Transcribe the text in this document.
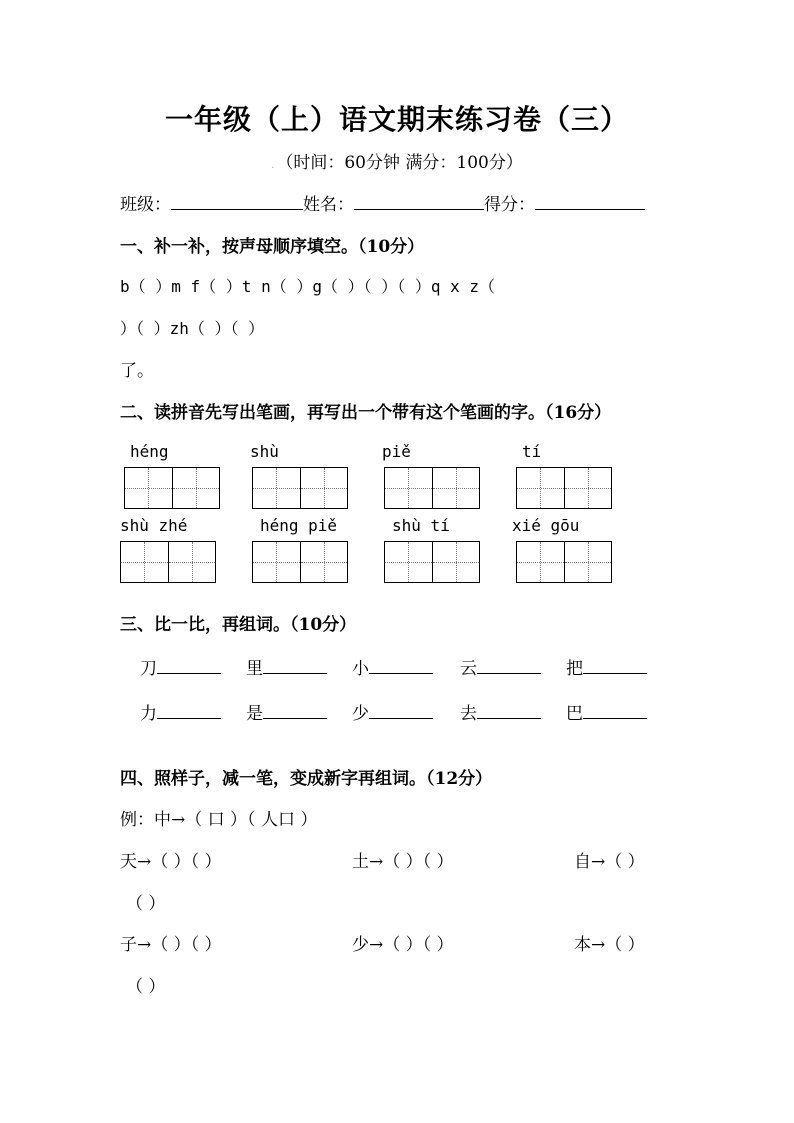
一年级（上）语文期末练习卷（三）
. （时间：60分钟 满分：100分）
班级：	姓名：	得分：
一、补一补，按声母顺序填空。（10分）
b（ ）m f（ ）t n（ ）g（ ）（ ）（ ）q x z（
）（ ）zh（ ）（ ）
了。
二、读拼音先写出笔画，再写出一个带有这个笔画的字。（16分）
héng	shù	piě	tí
shù zhé	héng piě	shù tí	xié gōu
三、比一比，再组词。（10分）
刀	里	小	云	把
力	是	少	去	巴
四、照样子，减一笔，变成新字再组词。（12分）
例：中→（ 口 ）（ 人口 ）
天→（ ）（ ）	土→（ ）（ ）	自→（ ）
（ ）
子→（ ）（ ）	少→（ ）（ ）	本→（ ）
（ ）
